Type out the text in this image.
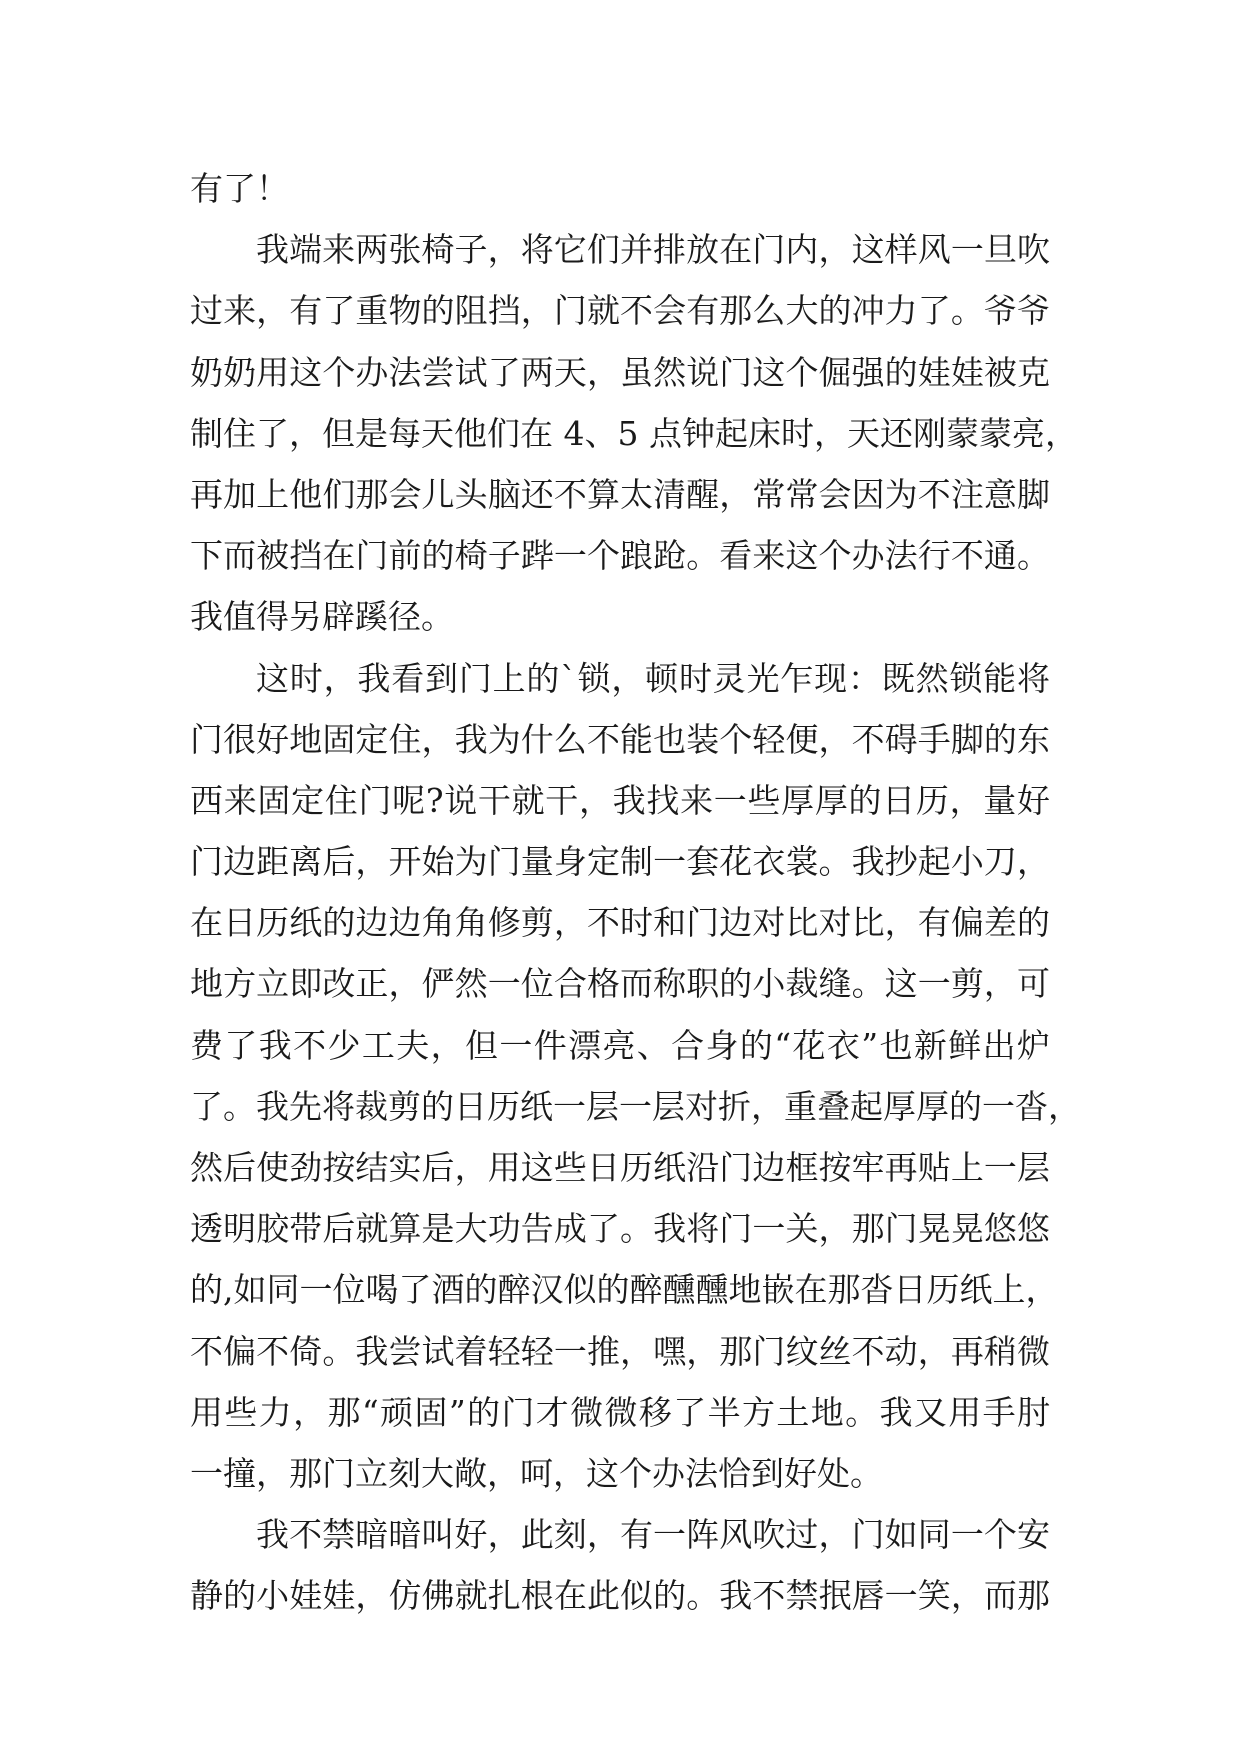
有了！
我端来两张椅子，将它们并排放在门内，这样风一旦吹
过来，有了重物的阻挡，门就不会有那么大的冲力了。爷爷
奶奶用这个办法尝试了两天，虽然说门这个倔强的娃娃被克
制住了，但是每天他们在 4、5 点钟起床时，天还刚蒙蒙亮，
再加上他们那会儿头脑还不算太清醒，常常会因为不注意脚
下而被挡在门前的椅子跸一个踉跄。看来这个办法行不通。
我值得另辟蹊径。
这时，我看到门上的`锁，顿时灵光乍现：既然锁能将
门很好地固定住，我为什么不能也装个轻便，不碍手脚的东
西来固定住门呢?说干就干，我找来一些厚厚的日历，量好
门边距离后，开始为门量身定制一套花衣裳。我抄起小刀，
在日历纸的边边角角修剪，不时和门边对比对比，有偏差的
地方立即改正，俨然一位合格而称职的小裁缝。这一剪，可
费了我不少工夫，但一件漂亮、合身的“花衣”也新鲜出炉
了。我先将裁剪的日历纸一层一层对折，重叠起厚厚的一沓，
然后使劲按结实后，用这些日历纸沿门边框按牢再贴上一层
透明胶带后就算是大功告成了。我将门一关，那门晃晃悠悠
的,如同一位喝了酒的醉汉似的醉醺醺地嵌在那沓日历纸上，
不偏不倚。我尝试着轻轻一推，嘿，那门纹丝不动，再稍微
用些力，那“顽固”的门才微微移了半方土地。我又用手肘
一撞，那门立刻大敞，呵，这个办法恰到好处。
我不禁暗暗叫好，此刻，有一阵风吹过，门如同一个安
静的小娃娃，仿佛就扎根在此似的。我不禁抿唇一笑，而那
